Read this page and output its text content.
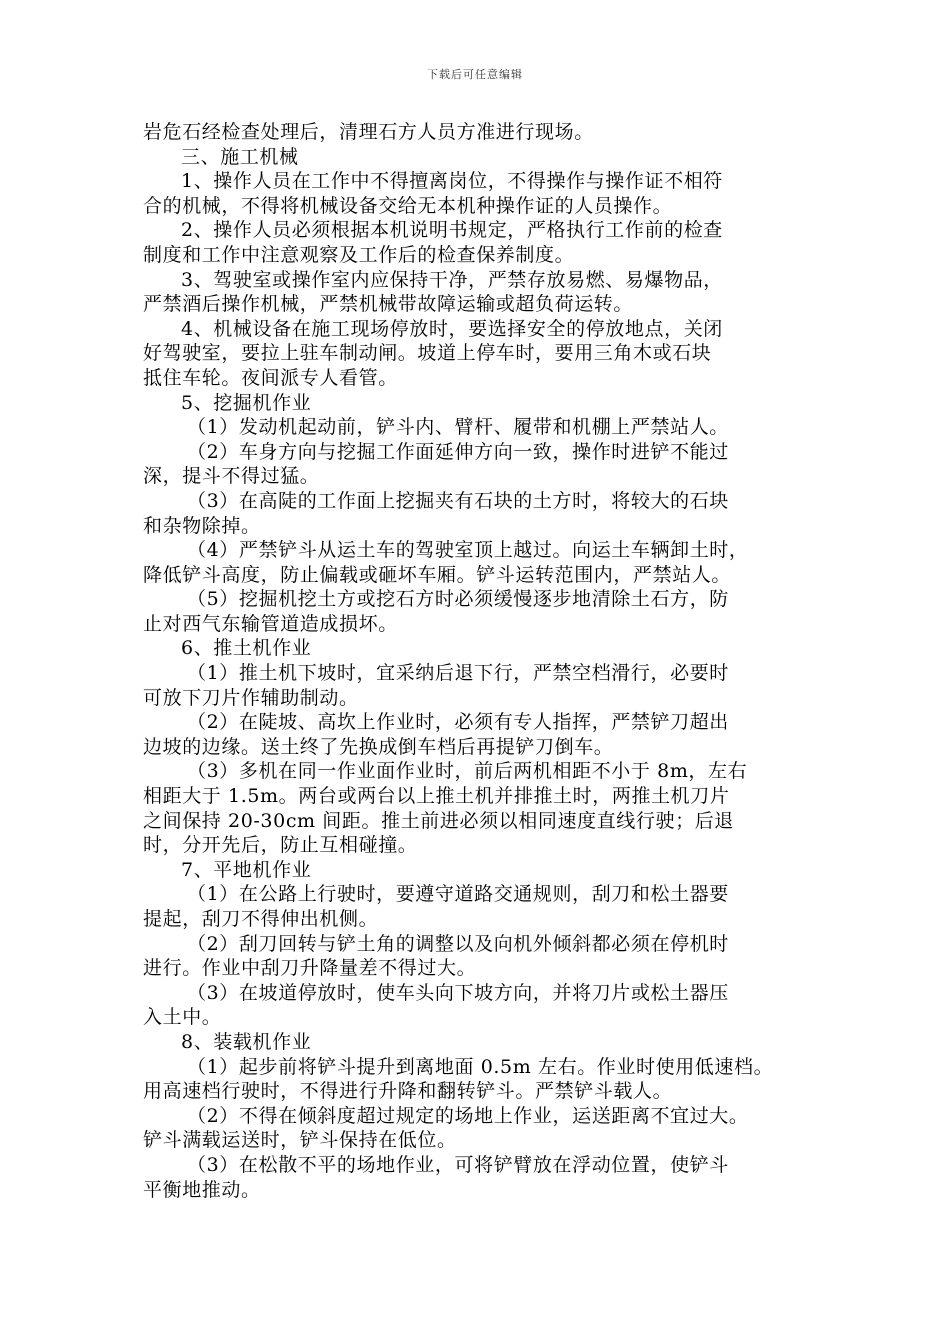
下载后可任意编辑
岩危石经检查处理后，清理石方人员方准进行现场。
三、施工机械
1、操作人员在工作中不得擅离岗位，不得操作与操作证不相符
合的机械，不得将机械设备交给无本机种操作证的人员操作。
2、操作人员必须根据本机说明书规定，严格执行工作前的检查
制度和工作中注意观察及工作后的检查保养制度。
3、驾驶室或操作室内应保持干净，严禁存放易燃、易爆物品，
严禁酒后操作机械，严禁机械带故障运输或超负荷运转。
4、机械设备在施工现场停放时，要选择安全的停放地点，关闭
好驾驶室，要拉上驻车制动闸。坡道上停车时，要用三角木或石块
抵住车轮。夜间派专人看管。
5、挖掘机作业
（1）发动机起动前，铲斗内、臂杆、履带和机棚上严禁站人。
（2）车身方向与挖掘工作面延伸方向一致，操作时进铲不能过
深，提斗不得过猛。
（3）在高陡的工作面上挖掘夹有石块的土方时，将较大的石块
和杂物除掉。
（4）严禁铲斗从运土车的驾驶室顶上越过。向运土车辆卸土时，
降低铲斗高度，防止偏载或砸坏车厢。铲斗运转范围内，严禁站人。
（5）挖掘机挖土方或挖石方时必须缓慢逐步地清除土石方，防
止对西气东输管道造成损坏。
6、推土机作业
（1）推土机下坡时，宜采纳后退下行，严禁空档滑行，必要时
可放下刀片作辅助制动。
（2）在陡坡、高坎上作业时，必须有专人指挥，严禁铲刀超出
边坡的边缘。送土终了先换成倒车档后再提铲刀倒车。
（3）多机在同一作业面作业时，前后两机相距不小于 8m，左右
相距大于 1.5m。两台或两台以上推土机并排推土时，两推土机刀片
之间保持 20-30cm 间距。推土前进必须以相同速度直线行驶；后退
时，分开先后，防止互相碰撞。
7、平地机作业
（1）在公路上行驶时，要遵守道路交通规则，刮刀和松土器要
提起，刮刀不得伸出机侧。
（2）刮刀回转与铲土角的调整以及向机外倾斜都必须在停机时
进行。作业中刮刀升降量差不得过大。
（3）在坡道停放时，使车头向下坡方向，并将刀片或松土器压
入土中。
8、装载机作业
（1）起步前将铲斗提升到离地面 0.5m 左右。作业时使用低速档。
用高速档行驶时，不得进行升降和翻转铲斗。严禁铲斗载人。
（2）不得在倾斜度超过规定的场地上作业，运送距离不宜过大。
铲斗满载运送时，铲斗保持在低位。
（3）在松散不平的场地作业，可将铲臂放在浮动位置，使铲斗
平衡地推动。
